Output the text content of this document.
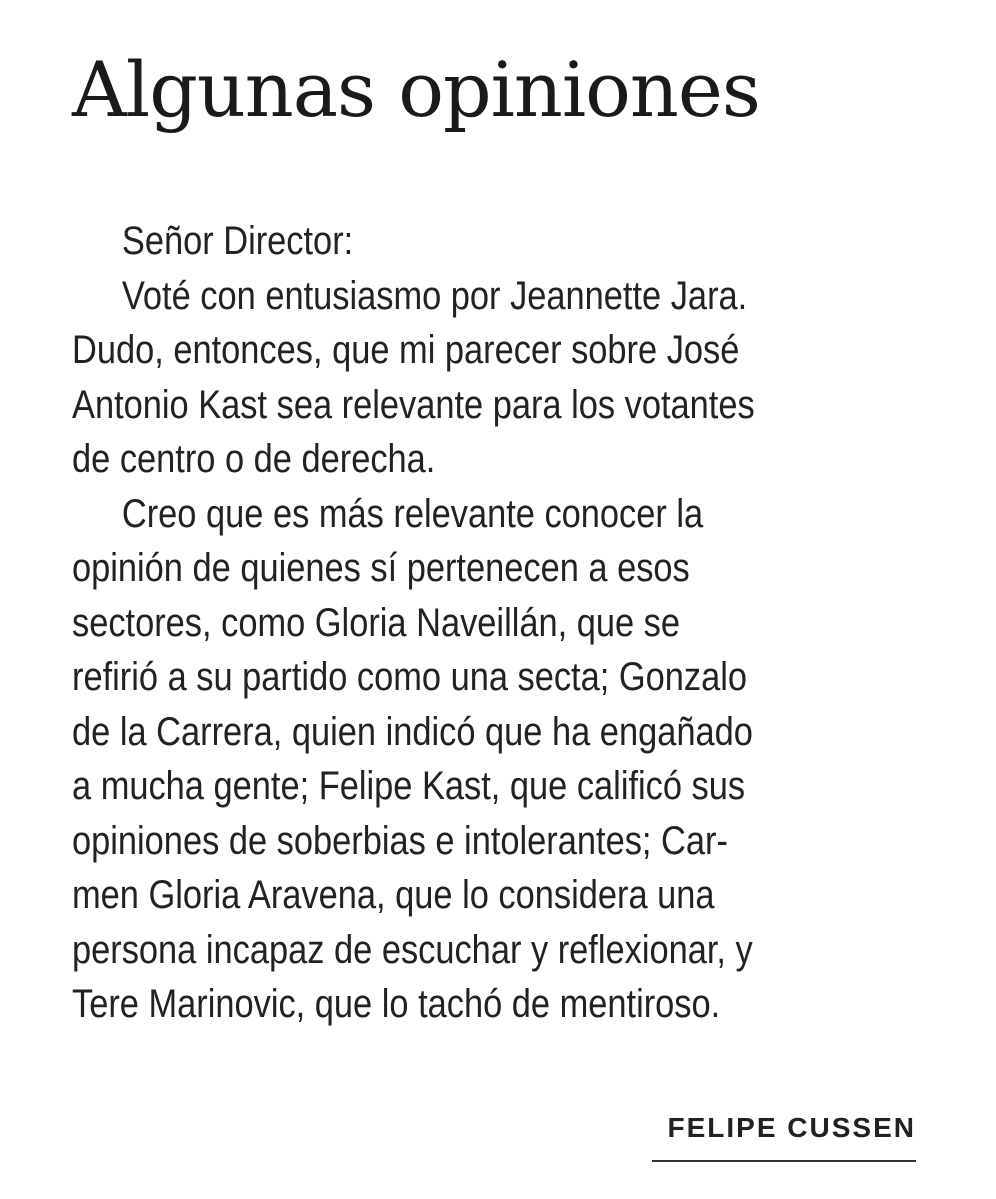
Algunas opiniones
Señor Director:
Voté con entusiasmo por Jeannette Jara.
Dudo, entonces, que mi parecer sobre José
Antonio Kast sea relevante para los votantes
de centro o de derecha.
Creo que es más relevante conocer la
opinión de quienes sí pertenecen a esos
sectores, como Gloria Naveillán, que se
refirió a su partido como una secta; Gonzalo
de la Carrera, quien indicó que ha engañado
a mucha gente; Felipe Kast, que calificó sus
opiniones de soberbias e intolerantes; Car-
men Gloria Aravena, que lo considera una
persona incapaz de escuchar y reflexionar, y
Tere Marinovic, que lo tachó de mentiroso.
FELIPE CUSSEN
